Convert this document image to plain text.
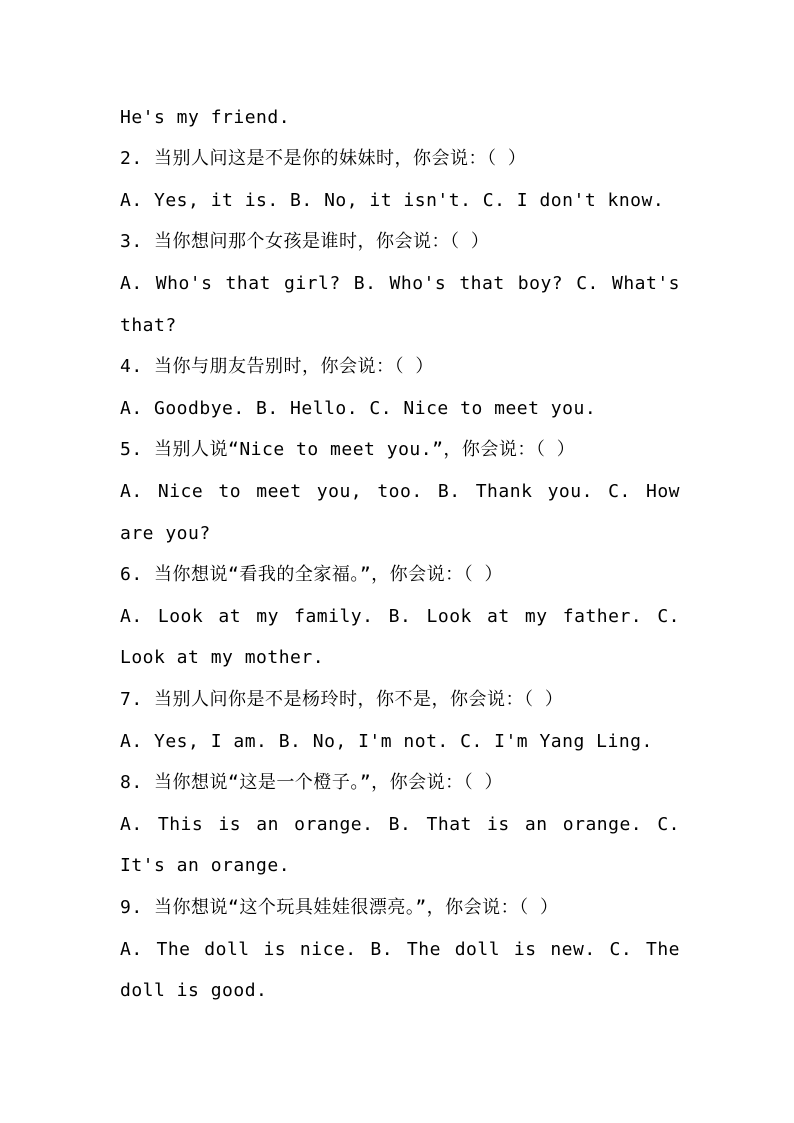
He's my friend.
2. 当别人问这是不是你的妹妹时，你会说：（ ）
A. Yes, it is. B. No, it isn't. C. I don't know.
3. 当你想问那个女孩是谁时，你会说：（ ）
A. Who's that girl? B. Who's that boy? C. What's
that?
4. 当你与朋友告别时，你会说：（ ）
A. Goodbye. B. Hello. C. Nice to meet you.
5. 当别人说“Nice to meet you.”，你会说：（ ）
A. Nice to meet you, too. B. Thank you. C. How
are you?
6. 当你想说“看我的全家福。”，你会说：（ ）
A. Look at my family. B. Look at my father. C.
Look at my mother.
7. 当别人问你是不是杨玲时，你不是，你会说：（ ）
A. Yes, I am. B. No, I'm not. C. I'm Yang Ling.
8. 当你想说“这是一个橙子。”，你会说：（ ）
A. This is an orange. B. That is an orange. C.
It's an orange.
9. 当你想说“这个玩具娃娃很漂亮。”，你会说：（ ）
A. The doll is nice. B. The doll is new. C. The
doll is good.
